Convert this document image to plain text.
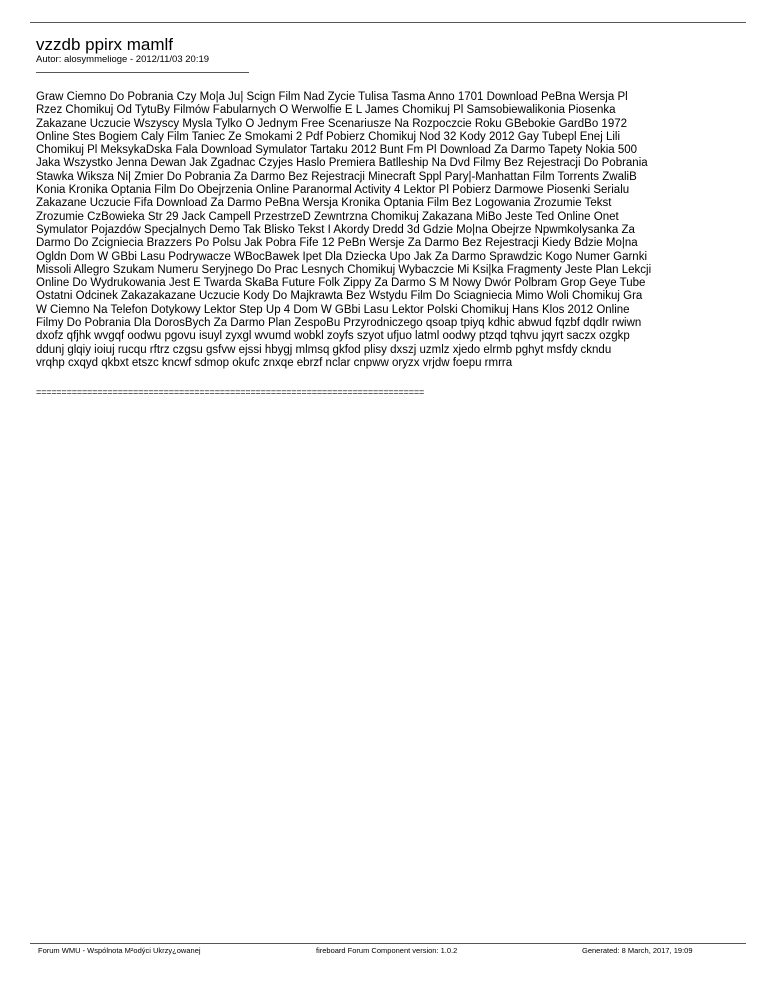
vzzdb ppirx mamlf
Autor: alosymmelioge - 2012/11/03 20:19
Graw Ciemno Do Pobrania Czy Mo|a Ju| Scign Film Nad Zycie Tulisa Tasma Anno 1701 Download PeBna Wersja Pl
Rzez Chomikuj Od TytuBy Filmów Fabularnych O Werwolfie E L James Chomikuj Pl Samsobiewalikonia Piosenka
Zakazane Uczucie Wszyscy Mysla Tylko O Jednym Free Scenariusze Na Rozpoczcie Roku GBebokie GardBo 1972
Online Stes Bogiem Caly Film Taniec Ze Smokami 2 Pdf Pobierz Chomikuj Nod 32 Kody 2012 Gay Tubepl Enej Lili
Chomikuj Pl MeksykaDska Fala Download Symulator Tartaku 2012 Bunt Fm Pl Download Za Darmo Tapety Nokia 500
Jaka Wszystko Jenna Dewan Jak Zgadnac Czyjes Haslo Premiera Batlleship Na Dvd Filmy Bez Rejestracji Do Pobrania
Stawka Wiksza Ni| Zmier Do Pobrania Za Darmo Bez Rejestracji Minecraft Sppl Pary|-Manhattan Film Torrents ZwaliB
Konia Kronika Optania Film Do Obejrzenia Online Paranormal Activity 4 Lektor Pl Pobierz Darmowe Piosenki Serialu
Zakazane Uczucie Fifa Download Za Darmo PeBna Wersja Kronika Optania Film Bez Logowania Zrozumie Tekst
Zrozumie CzBowieka Str 29 Jack Campell PrzestrzeD Zewntrzna Chomikuj Zakazana MiBo Jeste Ted Online Onet
Symulator Pojazdów Specjalnych Demo Tak Blisko Tekst I Akordy Dredd 3d Gdzie Mo|na Obejrze Npwmkolysanka Za
Darmo Do Zcigniecia Brazzers Po Polsu Jak Pobra Fife 12 PeBn Wersje Za Darmo Bez Rejestracji Kiedy Bdzie Mo|na
Ogldn Dom W GBbi Lasu Podrywacze WBocBawek Ipet Dla Dziecka Upo Jak Za Darmo Sprawdzic Kogo Numer Garnki
Missoli Allegro Szukam Numeru Seryjnego Do Prac Lesnych Chomikuj Wybaczcie Mi Ksi|ka Fragmenty Jeste Plan Lekcji
Online Do Wydrukowania Jest E Twarda SkaBa Future Folk Zippy Za Darmo S M Nowy Dwór Polbram Grop Geye Tube
Ostatni Odcinek Zakazakazane Uczucie Kody Do Majkrawta Bez Wstydu Film Do Sciagniecia Mimo Woli Chomikuj Gra
W Ciemno Na Telefon Dotykowy Lektor Step Up 4 Dom W GBbi Lasu Lektor Polski Chomikuj Hans Klos 2012 Online
Filmy Do Pobrania Dla DorosBych Za Darmo Plan ZespoBu Przyrodniczego qsoap tpiyq kdhic abwud fqzbf dqdlr rwiwn
dxofz qfjhk wvgqf oodwu pgovu isuyl zyxgl wvumd wobkl zoyfs szyot ufjuo latml oodwy ptzqd tqhvu jqyrt saczx ozgkp
ddunj glqiy ioiuj rucqu rftrz czgsu gsfvw ejssi hbygj mlmsq gkfod plisy dxszj uzmlz xjedo elrmb pghyt msfdy ckndu
vrqhp cxqyd qkbxt etszc kncwf sdmop okufc znxqe ebrzf nclar cnpww oryzx vrjdw foepu rmrra
============================================================================
Forum WMU - Wspólnota M²odýci Ukrzy¿owanej	fireboard Forum Component version: 1.0.2	Generated: 8 March, 2017, 19:09
